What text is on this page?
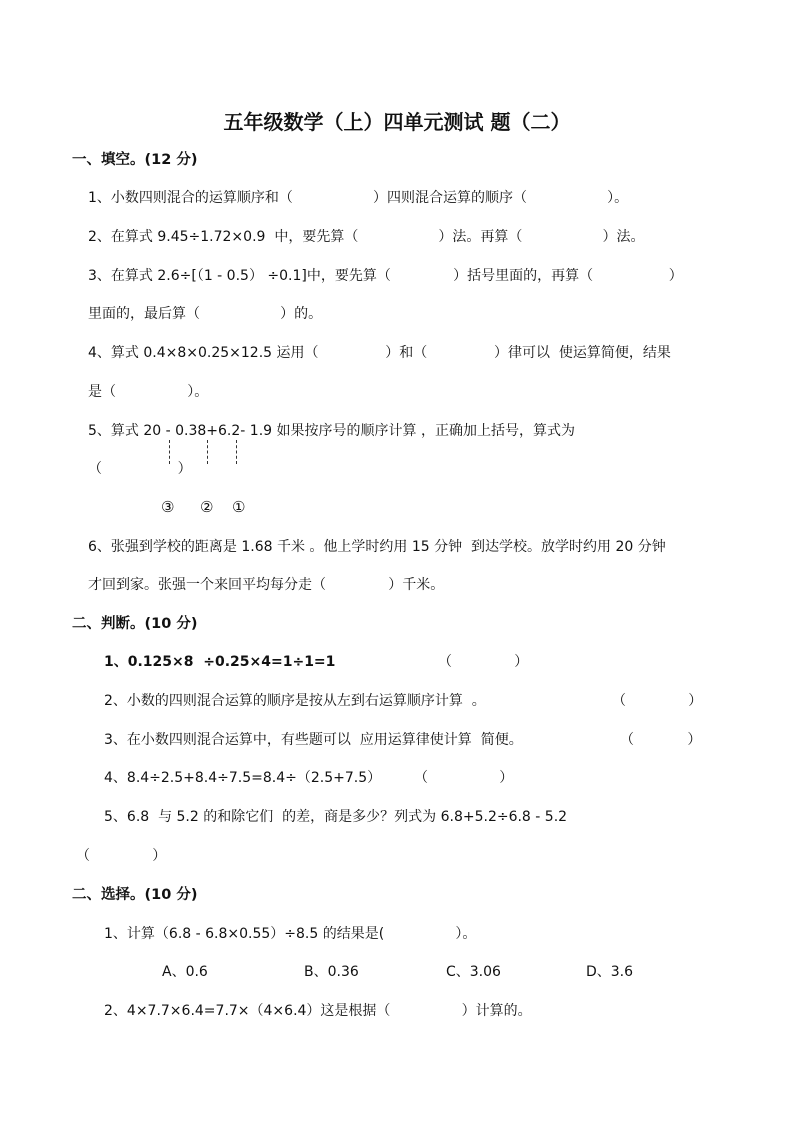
五年级数学（上）四单元测试 题（二）
一、填空。(12 分)
1、小数四则混合的运算顺序和（                  ）四则混合运算的顺序（                  ）。
2、在算式 9.45÷1.72×0.9  中，要先算（                  ）法。再算（                  ）法。
3、在算式 2.6÷[（1 - 0.5） ÷0.1]中，要先算（              ）括号里面的，再算（                 ）
里面的，最后算（                  ）的。
4、算式 0.4×8×0.25×12.5 运用（               ）和（               ）律可以  使运算简便，结果
是（                ）。
5、算式 20 - 0.38+6.2- 1.9 如果按序号的顺序计算 ，正确加上括号，算式为
（                 ）
③ ② ①
6、张强到学校的距离是 1.68 千米 。他上学时约用 15 分钟  到达学校。放学时约用 20 分钟
才回到家。张强一个来回平均每分走（              ）千米。
二、判断。(10 分)
1、0.125×8  ÷0.25×4=1÷1=1	（              ）
2、小数的四则混合运算的顺序是按从左到右运算顺序计算  。	（              ）
3、在小数四则混合运算中，有些题可以  应用运算律使计算  简便。	（            ）
4、8.4÷2.5+8.4÷7.5=8.4÷（2.5+7.5） （                ）
5、6.8  与 5.2 的和除它们  的差，商是多少？列式为 6.8+5.2÷6.8 - 5.2
（              ）
二、选择。(10 分)
1、计算（6.8 - 6.8×0.55）÷8.5 的结果是(                ）。
A、0.6	B、0.36	C、3.06	D、3.6
2、4×7.7×6.4=7.7×（4×6.4）这是根据（                ）计算的。
